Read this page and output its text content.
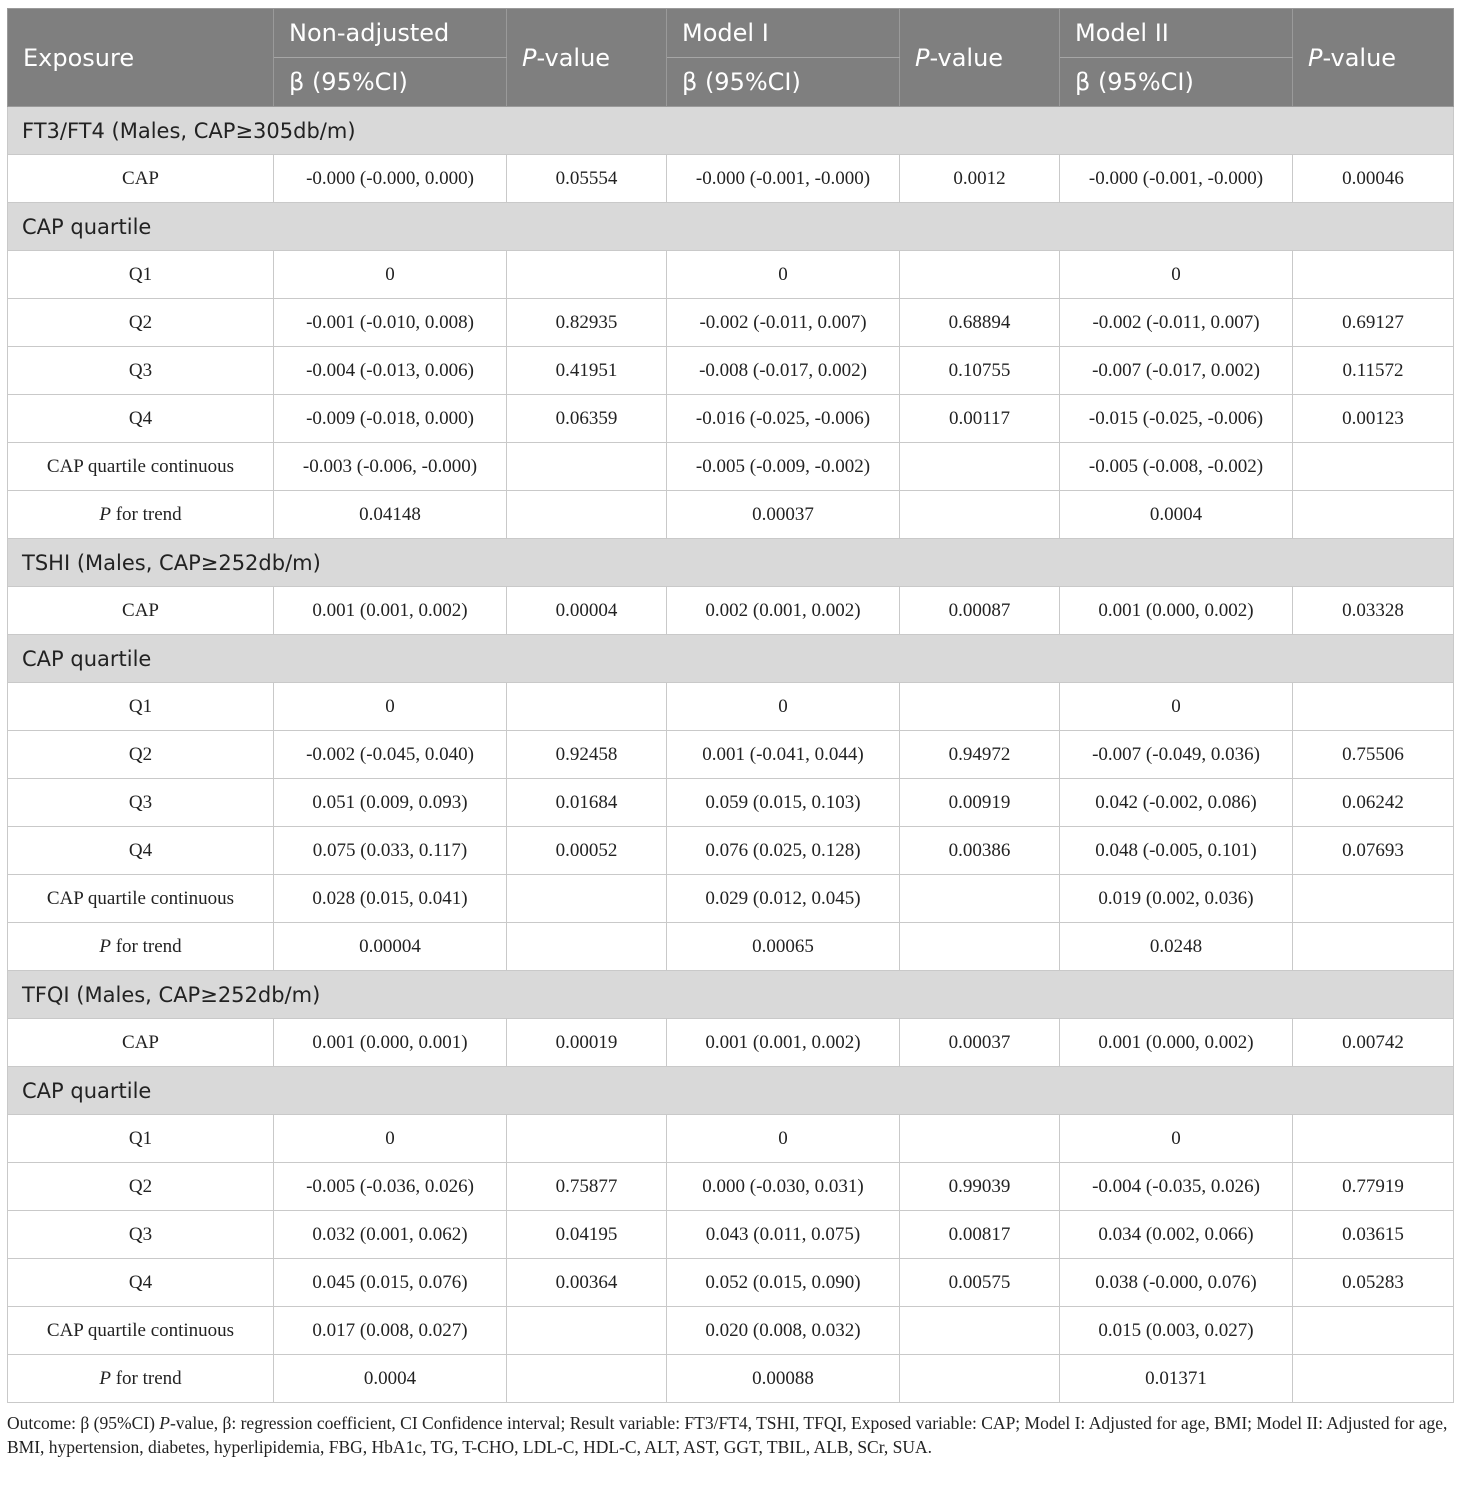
Exposure	Non-adjusted	P-value	Model I	P-value	Model II	P-value
	β (95%CI)		β (95%CI)		β (95%CI)	
FT3/FT4 (Males, CAP≥305db/m)						
CAP	-0.000 (-0.000, 0.000)	0.05554	-0.000 (-0.001, -0.000)	0.0012	-0.000 (-0.001, -0.000)	0.00046
CAP quartile						
Q1	0		0		0	
Q2	-0.001 (-0.010, 0.008)	0.82935	-0.002 (-0.011, 0.007)	0.68894	-0.002 (-0.011, 0.007)	0.69127
Q3	-0.004 (-0.013, 0.006)	0.41951	-0.008 (-0.017, 0.002)	0.10755	-0.007 (-0.017, 0.002)	0.11572
Q4	-0.009 (-0.018, 0.000)	0.06359	-0.016 (-0.025, -0.006)	0.00117	-0.015 (-0.025, -0.006)	0.00123
CAP quartile continuous	-0.003 (-0.006, -0.000)		-0.005 (-0.009, -0.002)		-0.005 (-0.008, -0.002)	
P for trend	0.04148		0.00037		0.0004	
TSHI (Males, CAP≥252db/m)						
CAP	0.001 (0.001, 0.002)	0.00004	0.002 (0.001, 0.002)	0.00087	0.001 (0.000, 0.002)	0.03328
CAP quartile						
Q1	0		0		0	
Q2	-0.002 (-0.045, 0.040)	0.92458	0.001 (-0.041, 0.044)	0.94972	-0.007 (-0.049, 0.036)	0.75506
Q3	0.051 (0.009, 0.093)	0.01684	0.059 (0.015, 0.103)	0.00919	0.042 (-0.002, 0.086)	0.06242
Q4	0.075 (0.033, 0.117)	0.00052	0.076 (0.025, 0.128)	0.00386	0.048 (-0.005, 0.101)	0.07693
CAP quartile continuous	0.028 (0.015, 0.041)		0.029 (0.012, 0.045)		0.019 (0.002, 0.036)	
P for trend	0.00004		0.00065		0.0248	
TFQI (Males, CAP≥252db/m)						
CAP	0.001 (0.000, 0.001)	0.00019	0.001 (0.001, 0.002)	0.00037	0.001 (0.000, 0.002)	0.00742
CAP quartile						
Q1	0		0		0	
Q2	-0.005 (-0.036, 0.026)	0.75877	0.000 (-0.030, 0.031)	0.99039	-0.004 (-0.035, 0.026)	0.77919
Q3	0.032 (0.001, 0.062)	0.04195	0.043 (0.011, 0.075)	0.00817	0.034 (0.002, 0.066)	0.03615
Q4	0.045 (0.015, 0.076)	0.00364	0.052 (0.015, 0.090)	0.00575	0.038 (-0.000, 0.076)	0.05283
CAP quartile continuous	0.017 (0.008, 0.027)		0.020 (0.008, 0.032)		0.015 (0.003, 0.027)	
P for trend	0.0004		0.00088		0.01371	
Outcome: β (95%CI) P-value, β: regression coefficient, CI Confidence interval; Result variable: FT3/FT4, TSHI, TFQI, Exposed variable: CAP; Model I: Adjusted for age, BMI; Model II: Adjusted for age, BMI, hypertension, diabetes, hyperlipidemia, FBG, HbA1c, TG, T-CHO, LDL-C, HDL-C, ALT, AST, GGT, TBIL, ALB, SCr, SUA.
